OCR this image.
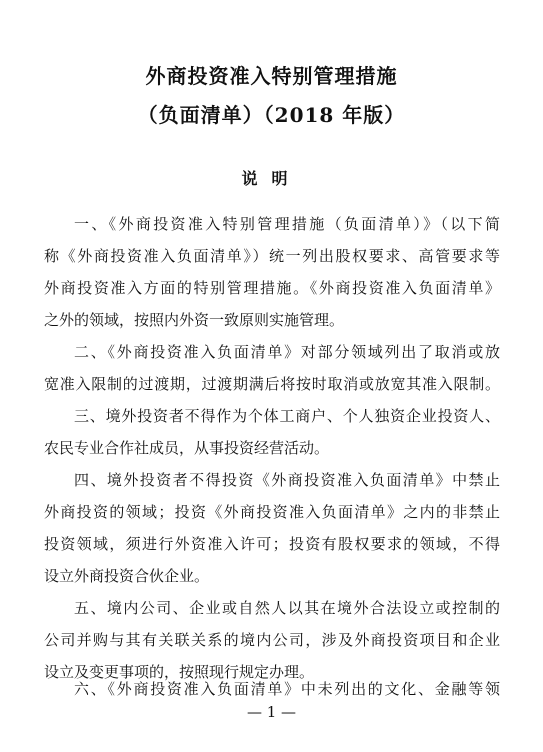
外商投资准入特别管理措施
（负面清单）（2018 年版）
说明
一、《外商投资准入特别管理措施（负面清单）》（以下简
称《外商投资准入负面清单》）统一列出股权要求、高管要求等
外商投资准入方面的特别管理措施。《外商投资准入负面清单》
之外的领域，按照内外资一致原则实施管理。
二、《外商投资准入负面清单》对部分领域列出了取消或放
宽准入限制的过渡期，过渡期满后将按时取消或放宽其准入限制。
三、境外投资者不得作为个体工商户、个人独资企业投资人、
农民专业合作社成员，从事投资经营活动。
四、境外投资者不得投资《外商投资准入负面清单》中禁止
外商投资的领域；投资《外商投资准入负面清单》之内的非禁止
投资领域，须进行外资准入许可；投资有股权要求的领域，不得
设立外商投资合伙企业。
五、境内公司、企业或自然人以其在境外合法设立或控制的
公司并购与其有关联关系的境内公司，涉及外商投资项目和企业
设立及变更事项的，按照现行规定办理。
六、《外商投资准入负面清单》中未列出的文化、金融等领
— 1 —
